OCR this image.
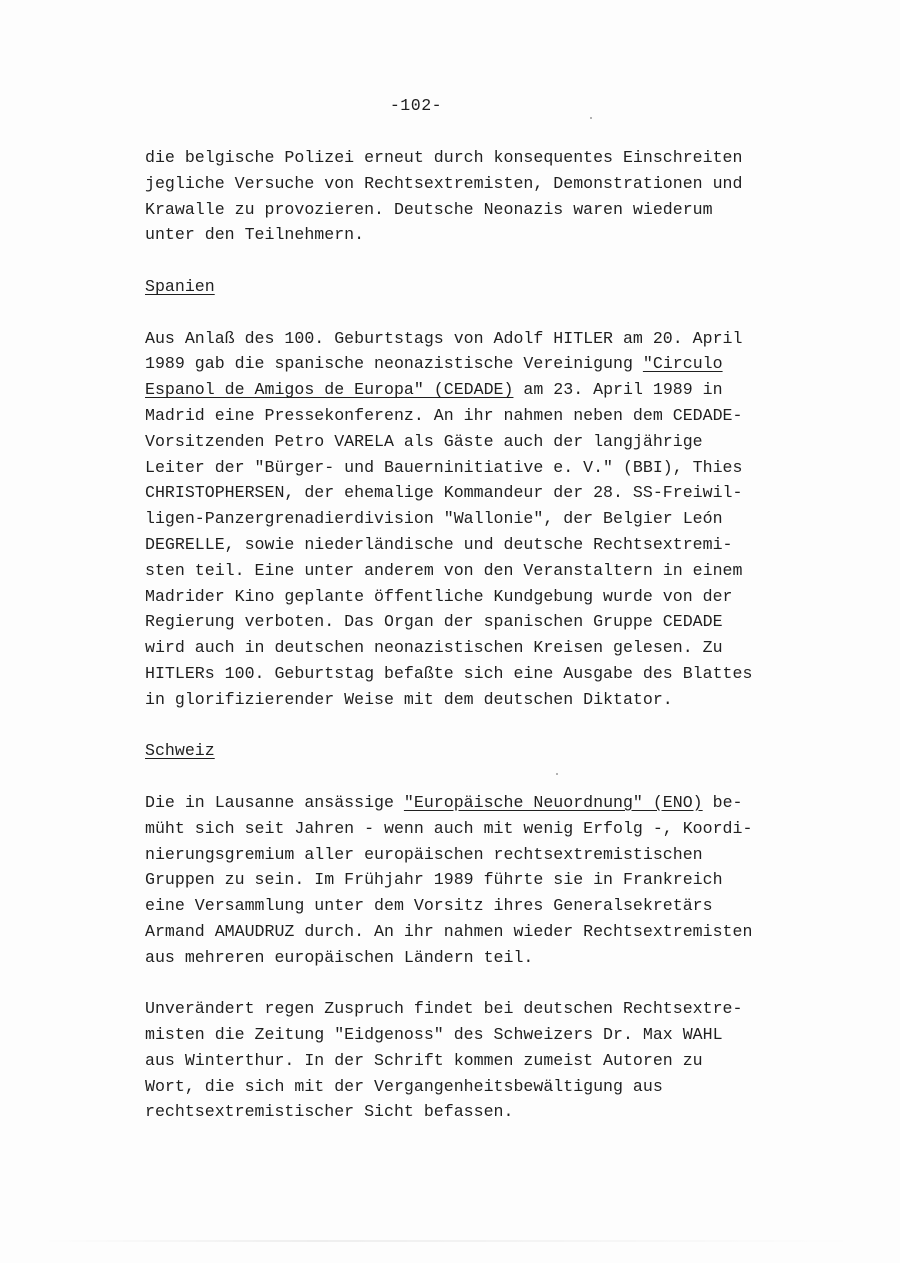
-102-

die belgische Polizei erneut durch konsequentes Einschreiten
jegliche Versuche von Rechtsextremisten, Demonstrationen und
Krawalle zu provozieren. Deutsche Neonazis waren wiederum
unter den Teilnehmern.

Spanien

Aus Anlaß des 100. Geburtstags von Adolf HITLER am 20. April
1989 gab die spanische neonazistische Vereinigung "Circulo
Espanol de Amigos de Europa" (CEDADE) am 23. April 1989 in
Madrid eine Pressekonferenz. An ihr nahmen neben dem CEDADE-
Vorsitzenden Petro VARELA als Gäste auch der langjährige
Leiter der "Bürger- und Bauerninitiative e. V." (BBI), Thies
CHRISTOPHERSEN, der ehemalige Kommandeur der 28. SS-Freiwil-
ligen-Panzergrenadierdivision "Wallonie", der Belgier León
DEGRELLE, sowie niederländische und deutsche Rechtsextremi-
sten teil. Eine unter anderem von den Veranstaltern in einem
Madrider Kino geplante öffentliche Kundgebung wurde von der
Regierung verboten. Das Organ der spanischen Gruppe CEDADE
wird auch in deutschen neonazistischen Kreisen gelesen. Zu
HITLERs 100. Geburtstag befaßte sich eine Ausgabe des Blattes
in glorifizierender Weise mit dem deutschen Diktator.

Schweiz

Die in Lausanne ansässige "Europäische Neuordnung" (ENO) be-
müht sich seit Jahren - wenn auch mit wenig Erfolg -, Koordi-
nierungsgremium aller europäischen rechtsextremistischen
Gruppen zu sein. Im Frühjahr 1989 führte sie in Frankreich
eine Versammlung unter dem Vorsitz ihres Generalsekretärs
Armand AMAUDRUZ durch. An ihr nahmen wieder Rechtsextremisten
aus mehreren europäischen Ländern teil.

Unverändert regen Zuspruch findet bei deutschen Rechtsextre-
misten die Zeitung "Eidgenoss" des Schweizers Dr. Max WAHL
aus Winterthur. In der Schrift kommen zumeist Autoren zu
Wort, die sich mit der Vergangenheitsbewältigung aus
rechtsextremistischer Sicht befassen.
